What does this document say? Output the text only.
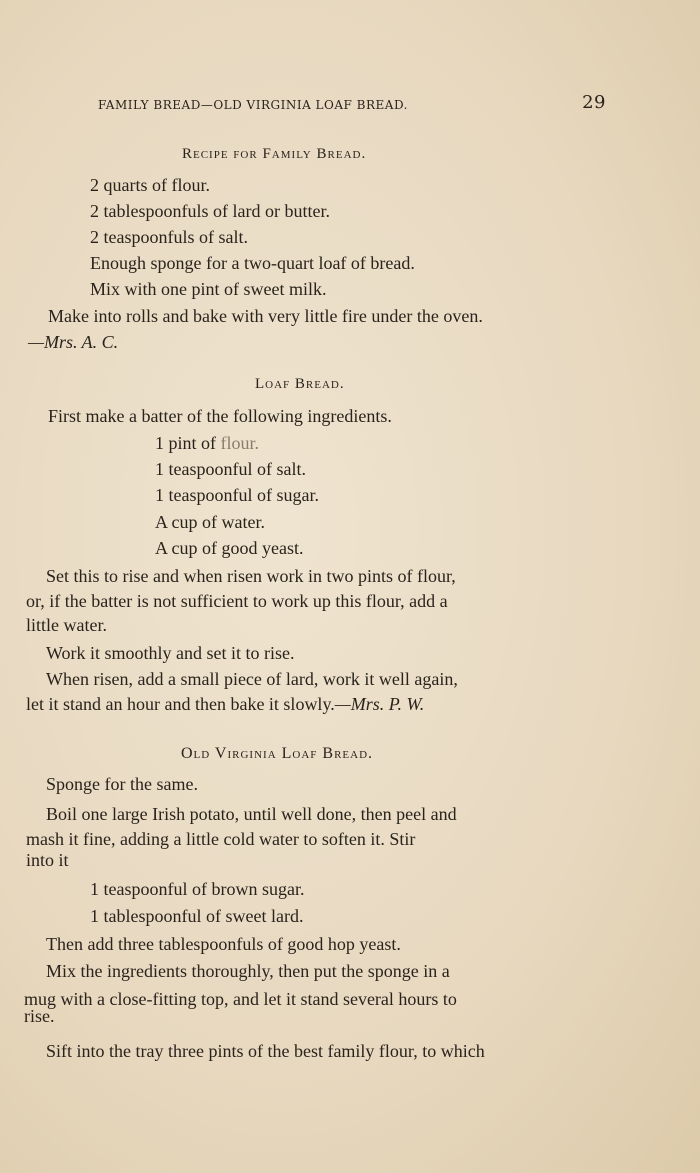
FAMILY BREAD—OLD VIRGINIA LOAF BREAD.	29
Recipe for Family Bread.
2 quarts of flour.
2 tablespoonfuls of lard or butter.
2 teaspoonfuls of salt.
Enough sponge for a two-quart loaf of bread.
Mix with one pint of sweet milk.
Make into rolls and bake with very little fire under the oven.
—Mrs. A. C.
Loaf Bread.
First make a batter of the following ingredients.
1 pint of flour.
1 teaspoonful of salt.
1 teaspoonful of sugar.
A cup of water.
A cup of good yeast.
Set this to rise and when risen work in two pints of flour,
or, if the batter is not sufficient to work up this flour, add a
little water.
Work it smoothly and set it to rise.
When risen, add a small piece of lard, work it well again,
let it stand an hour and then bake it slowly.—Mrs. P. W.
Old Virginia Loaf Bread.
Sponge for the same.
Boil one large Irish potato, until well done, then peel and
mash it fine, adding a little cold water to soften it. Stir
into it
1 teaspoonful of brown sugar.
1 tablespoonful of sweet lard.
Then add three tablespoonfuls of good hop yeast.
Mix the ingredients thoroughly, then put the sponge in a
mug with a close-fitting top, and let it stand several hours to
rise.
Sift into the tray three pints of the best family flour, to which
